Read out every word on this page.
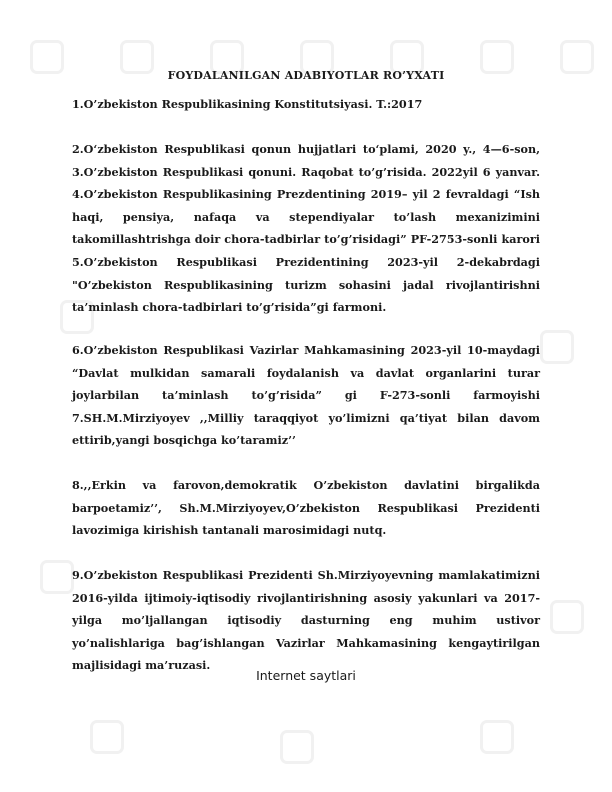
FOYDALANILGAN ADABIYOTLAR RO’YXATI
1.O’zbekiston Respublikasining Konstitutsiyasi. T.:2017
2.O‘zbekiston Respublikasi qonun hujjatlari to‘plami, 2020 y., 4—6-son, 3.O’zbekiston Respublikasi qonuni. Raqobat to’g’risida. 2022yil 6 yanvar. 4.O’zbekiston Respublikasining Prezdentining 2019– yil 2 fevraldagi “Ish haqi, pensiya, nafaqa va stependiyalar to’lash mexanizimini takomillashtrishga doir chora-tadbirlar to’g’risidagi” PF-2753-sonli karori 5.O’zbekiston Respublikasi Prezidentining 2023-yil 2-dekabrdagi "O’zbekiston Respublikasining turizm sohasini jadal rivojlantirishni ta’minlash chora-tadbirlari to’g’risida”gi farmoni.
6.O’zbekiston Respublikasi Vazirlar Mahkamasining 2023-yil 10-maydagi “Davlat mulkidan samarali foydalanish va davlat organlarini turar joylarbilan ta’minlash to’g’risida” gi F-273-sonli farmoyishi 7.SH.M.Mirziyoyev ,,Milliy taraqqiyot yo’limizni qa’tiyat bilan davom ettirib,yangi bosqichga ko’taramiz’’
8.,,Erkin va farovon,demokratik O’zbekiston davlatini birgalikda barpoetamiz’’, Sh.M.Mirziyoyev,O’zbekiston Respublikasi Prezidenti lavozimiga kirishish tantanali marosimidagi nutq.
9.O’zbekiston Respublikasi Prezidenti Sh.Mirziyoyevning mamlakatimizni 2016-yilda ijtimoiy-iqtisodiy rivojlantirishning asosiy yakunlari va 2017-yilga mo’ljallangan iqtisodiy dasturning eng muhim ustivor yo’nalishlariga bag’ishlangan Vazirlar Mahkamasining kengaytirilgan majlisidagi ma’ruzasi.
Internet saytlari
